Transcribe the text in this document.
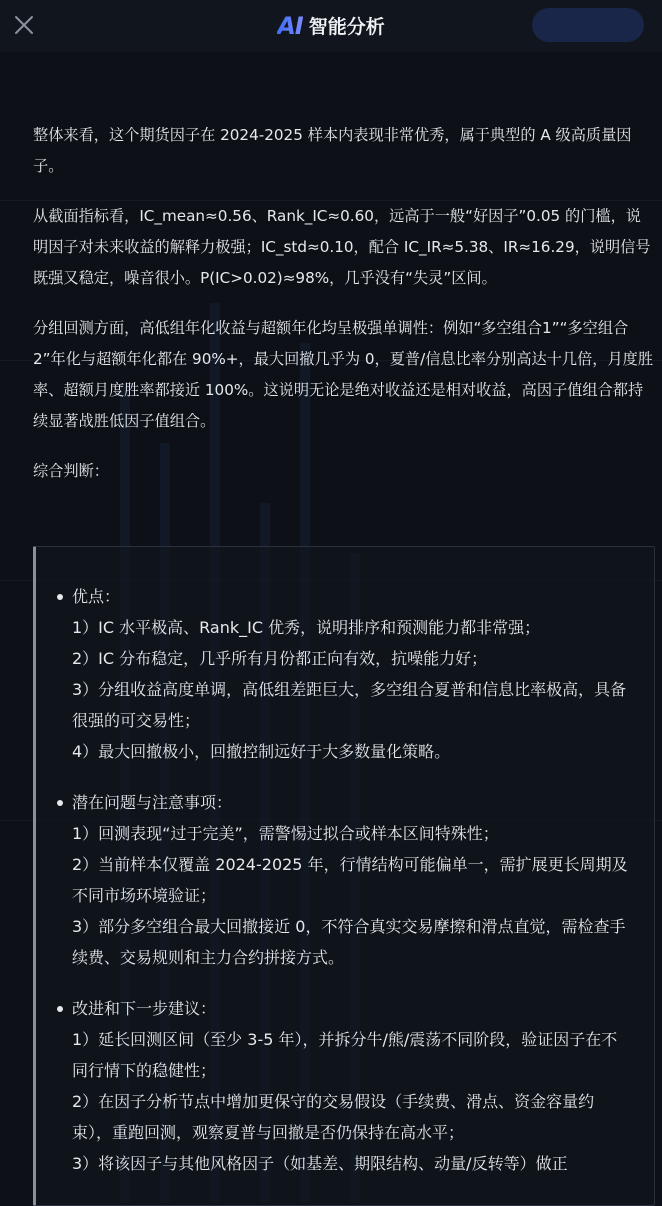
AI 智能分析

整体来看，这个期货因子在 2024-2025 样本内表现非常优秀，属于典型的 A 级高质量因子。

从截面指标看，IC_mean≈0.56、Rank_IC≈0.60，远高于一般“好因子”0.05 的门槛，说明因子对未来收益的解释力极强；IC_std≈0.10，配合 IC_IR≈5.38、IR≈16.29，说明信号既强又稳定，噪音很小。P(IC>0.02)≈98%，几乎没有“失灵”区间。

分组回测方面，高低组年化收益与超额年化均呈极强单调性：例如“多空组合1”“多空组合2”年化与超额年化都在 90%+，最大回撤几乎为 0，夏普/信息比率分别高达十几倍，月度胜率、超额月度胜率都接近 100%。这说明无论是绝对收益还是相对收益，高因子值组合都持续显著战胜低因子值组合。

综合判断：

优点：

1）IC 水平极高、Rank_IC 优秀，说明排序和预测能力都非常强；

2）IC 分布稳定，几乎所有月份都正向有效，抗噪能力好；

3）分组收益高度单调，高低组差距巨大，多空组合夏普和信息比率极高，具备很强的可交易性；

4）最大回撤极小，回撤控制远好于大多数量化策略。

潜在问题与注意事项：

1）回测表现“过于完美”，需警惕过拟合或样本区间特殊性；

2）当前样本仅覆盖 2024-2025 年，行情结构可能偏单一，需扩展更长周期及不同市场环境验证；

3）部分多空组合最大回撤接近 0，不符合真实交易摩擦和滑点直觉，需检查手续费、交易规则和主力合约拼接方式。

改进和下一步建议：

1）延长回测区间（至少 3-5 年），并拆分牛/熊/震荡不同阶段，验证因子在不同行情下的稳健性；

2）在因子分析节点中增加更保守的交易假设（手续费、滑点、资金容量约束），重跑回测，观察夏普与回撤是否仍保持在高水平；

3）将该因子与其他风格因子（如基差、期限结构、动量/反转等）做正
